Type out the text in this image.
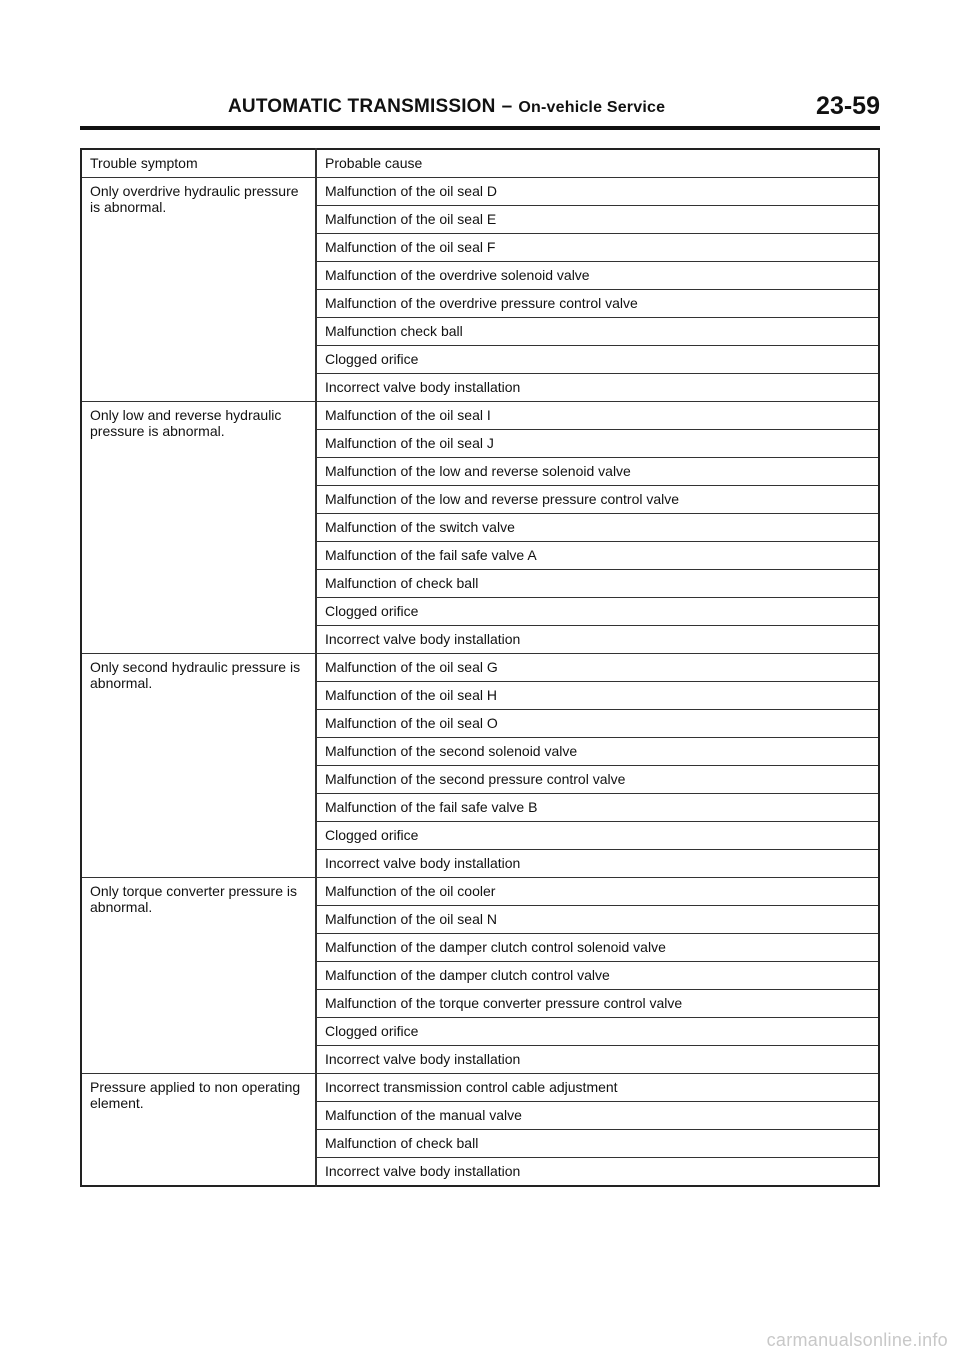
AUTOMATIC TRANSMISSION – On-vehicle Service	23-59
Trouble symptom	Probable cause
Only overdrive hydraulic pressure is abnormal.	Malfunction of the oil seal D
	Malfunction of the oil seal E
	Malfunction of the oil seal F
	Malfunction of the overdrive solenoid valve
	Malfunction of the overdrive pressure control valve
	Malfunction check ball
	Clogged orifice
	Incorrect valve body installation
Only low and reverse hydraulic pressure is abnormal.	Malfunction of the oil seal I
	Malfunction of the oil seal J
	Malfunction of the low and reverse solenoid valve
	Malfunction of the low and reverse pressure control valve
	Malfunction of the switch valve
	Malfunction of the fail safe valve A
	Malfunction of check ball
	Clogged orifice
	Incorrect valve body installation
Only second hydraulic pressure is abnormal.	Malfunction of the oil seal G
	Malfunction of the oil seal H
	Malfunction of the oil seal O
	Malfunction of the second solenoid valve
	Malfunction of the second pressure control valve
	Malfunction of the fail safe valve B
	Clogged orifice
	Incorrect valve body installation
Only torque converter pressure is abnormal.	Malfunction of the oil cooler
	Malfunction of the oil seal N
	Malfunction of the damper clutch control solenoid valve
	Malfunction of the damper clutch control valve
	Malfunction of the torque converter pressure control valve
	Clogged orifice
	Incorrect valve body installation
Pressure applied to non operating element.	Incorrect transmission control cable adjustment
	Malfunction of the manual valve
	Malfunction of check ball
	Incorrect valve body installation
carmanualsonline.info
